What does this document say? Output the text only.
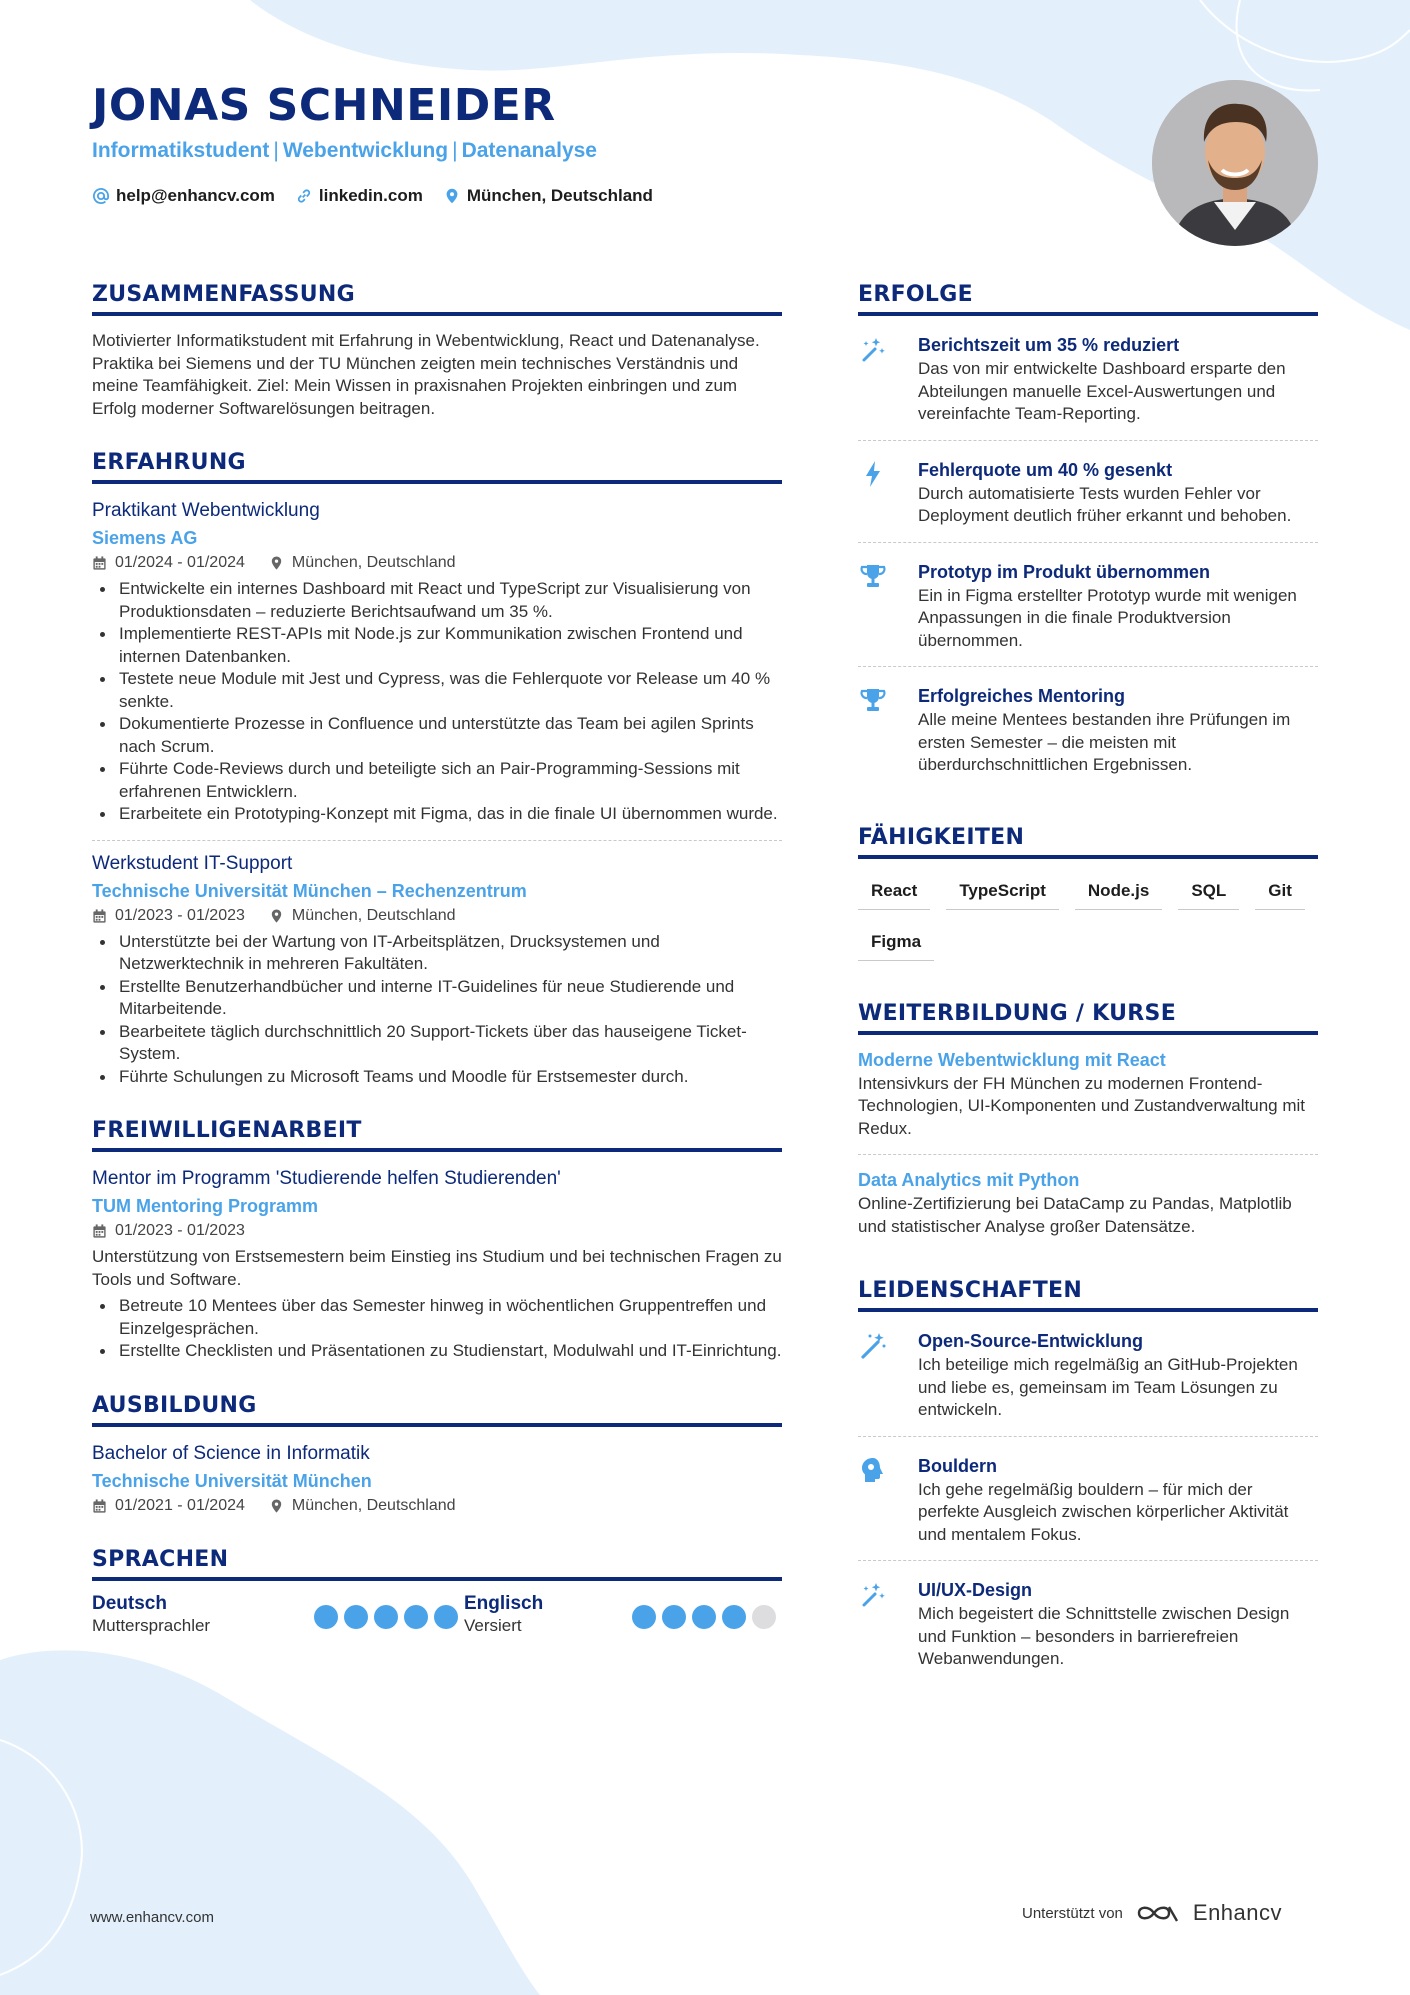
JONAS SCHNEIDER
Informatikstudent | Webentwicklung | Datenanalyse
help@enhancv.com	linkedin.com	München, Deutschland
ZUSAMMENFASSUNG
Motivierter Informatikstudent mit Erfahrung in Webentwicklung, React und Datenanalyse. Praktika bei Siemens und der TU München zeigten mein technisches Verständnis und meine Teamfähigkeit. Ziel: Mein Wissen in praxisnahen Projekten einbringen und zum Erfolg moderner Softwarelösungen beitragen.
ERFAHRUNG
Praktikant Webentwicklung
Siemens AG
01/2024 - 01/2024	München, Deutschland
Entwickelte ein internes Dashboard mit React und TypeScript zur Visualisierung von Produktionsdaten – reduzierte Berichtsaufwand um 35 %.
Implementierte REST-APIs mit Node.js zur Kommunikation zwischen Frontend und internen Datenbanken.
Testete neue Module mit Jest und Cypress, was die Fehlerquote vor Release um 40 % senkte.
Dokumentierte Prozesse in Confluence und unterstützte das Team bei agilen Sprints nach Scrum.
Führte Code-Reviews durch und beteiligte sich an Pair-Programming-Sessions mit erfahrenen Entwicklern.
Erarbeitete ein Prototyping-Konzept mit Figma, das in die finale UI übernommen wurde.
Werkstudent IT-Support
Technische Universität München – Rechenzentrum
01/2023 - 01/2023	München, Deutschland
Unterstützte bei der Wartung von IT-Arbeitsplätzen, Drucksystemen und Netzwerktechnik in mehreren Fakultäten.
Erstellte Benutzerhandbücher und interne IT-Guidelines für neue Studierende und Mitarbeitende.
Bearbeitete täglich durchschnittlich 20 Support-Tickets über das hauseigene Ticket-System.
Führte Schulungen zu Microsoft Teams und Moodle für Erstsemester durch.
FREIWILLIGENARBEIT
Mentor im Programm 'Studierende helfen Studierenden'
TUM Mentoring Programm
01/2023 - 01/2023
Unterstützung von Erstsemestern beim Einstieg ins Studium und bei technischen Fragen zu Tools und Software.
Betreute 10 Mentees über das Semester hinweg in wöchentlichen Gruppentreffen und Einzelgesprächen.
Erstellte Checklisten und Präsentationen zu Studienstart, Modulwahl und IT-Einrichtung.
AUSBILDUNG
Bachelor of Science in Informatik
Technische Universität München
01/2021 - 01/2024	München, Deutschland
SPRACHEN
Deutsch
Muttersprachler
Englisch
Versiert
ERFOLGE
Berichtszeit um 35 % reduziert
Das von mir entwickelte Dashboard ersparte den Abteilungen manuelle Excel-Auswertungen und vereinfachte Team-Reporting.
Fehlerquote um 40 % gesenkt
Durch automatisierte Tests wurden Fehler vor Deployment deutlich früher erkannt und behoben.
Prototyp im Produkt übernommen
Ein in Figma erstellter Prototyp wurde mit wenigen Anpassungen in die finale Produktversion übernommen.
Erfolgreiches Mentoring
Alle meine Mentees bestanden ihre Prüfungen im ersten Semester – die meisten mit überdurchschnittlichen Ergebnissen.
FÄHIGKEITEN
React	TypeScript	Node.js	SQL	Git
Figma
WEITERBILDUNG / KURSE
Moderne Webentwicklung mit React
Intensivkurs der FH München zu modernen Frontend-Technologien, UI-Komponenten und Zustandverwaltung mit Redux.
Data Analytics mit Python
Online-Zertifizierung bei DataCamp zu Pandas, Matplotlib und statistischer Analyse großer Datensätze.
LEIDENSCHAFTEN
Open-Source-Entwicklung
Ich beteilige mich regelmäßig an GitHub-Projekten und liebe es, gemeinsam im Team Lösungen zu entwickeln.
Bouldern
Ich gehe regelmäßig bouldern – für mich der perfekte Ausgleich zwischen körperlicher Aktivität und mentalem Fokus.
UI/UX-Design
Mich begeistert die Schnittstelle zwischen Design und Funktion – besonders in barrierefreien Webanwendungen.
www.enhancv.com	Unterstützt von	Enhancv
